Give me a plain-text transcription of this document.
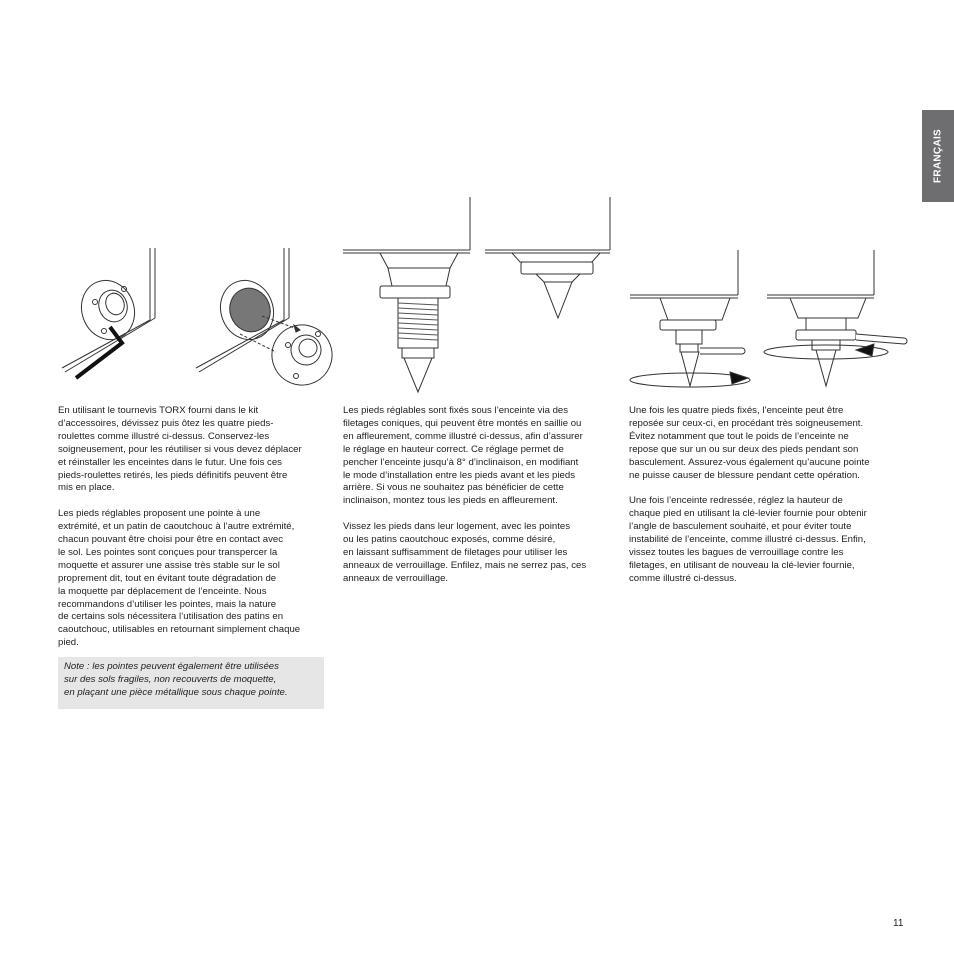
FRANÇAIS

En utilisant le tournevis TORX fourni dans le kit
d’accessoires, dévissez puis ôtez les quatre pieds-
roulettes comme illustré ci-dessus. Conservez-les
soigneusement, pour les réutiliser si vous devez déplacer
et réinstaller les enceintes dans le futur. Une fois ces
pieds-roulettes retirés, les pieds définitifs peuvent être
mis en place.

Les pieds réglables proposent une pointe à une
extrémité, et un patin de caoutchouc à l’autre extrémité,
chacun pouvant être choisi pour être en contact avec
le sol. Les pointes sont conçues pour transpercer la
moquette et assurer une assise très stable sur le sol
proprement dit, tout en évitant toute dégradation de
la moquette par déplacement de l’enceinte. Nous
recommandons d’utiliser les pointes, mais la nature
de certains sols nécessitera l’utilisation des patins en
caoutchouc, utilisables en retournant simplement chaque
pied.

Note : les pointes peuvent également être utilisées
sur des sols fragiles, non recouverts de moquette,
en plaçant une pièce métallique sous chaque pointe.

Les pieds réglables sont fixés sous l’enceinte via des
filetages coniques, qui peuvent être montés en saillie ou
en affleurement, comme illustré ci-dessus, afin d’assurer
le réglage en hauteur correct. Ce réglage permet de
pencher l’enceinte jusqu’à 8° d’inclinaison, en modifiant
le mode d’installation entre les pieds avant et les pieds
arrière. Si vous ne souhaitez pas bénéficier de cette
inclinaison, montez tous les pieds en affleurement.

Vissez les pieds dans leur logement, avec les pointes
ou les patins caoutchouc exposés, comme désiré,
en laissant suffisamment de filetages pour utiliser les
anneaux de verrouillage. Enfilez, mais ne serrez pas, ces
anneaux de verrouillage.

Une fois les quatre pieds fixés, l’enceinte peut être
reposée sur ceux-ci, en procédant très soigneusement.
Évitez notamment que tout le poids de l’enceinte ne
repose que sur un ou sur deux des pieds pendant son
basculement. Assurez-vous également qu’aucune pointe
ne puisse causer de blessure pendant cette opération.

Une fois l’enceinte redressée, réglez la hauteur de
chaque pied en utilisant la clé-levier fournie pour obtenir
l’angle de basculement souhaité, et pour éviter toute
instabilité de l’enceinte, comme illustré ci-dessus. Enfin,
vissez toutes les bagues de verrouillage contre les
filetages, en utilisant de nouveau la clé-levier fournie,
comme illustré ci-dessus.

11
